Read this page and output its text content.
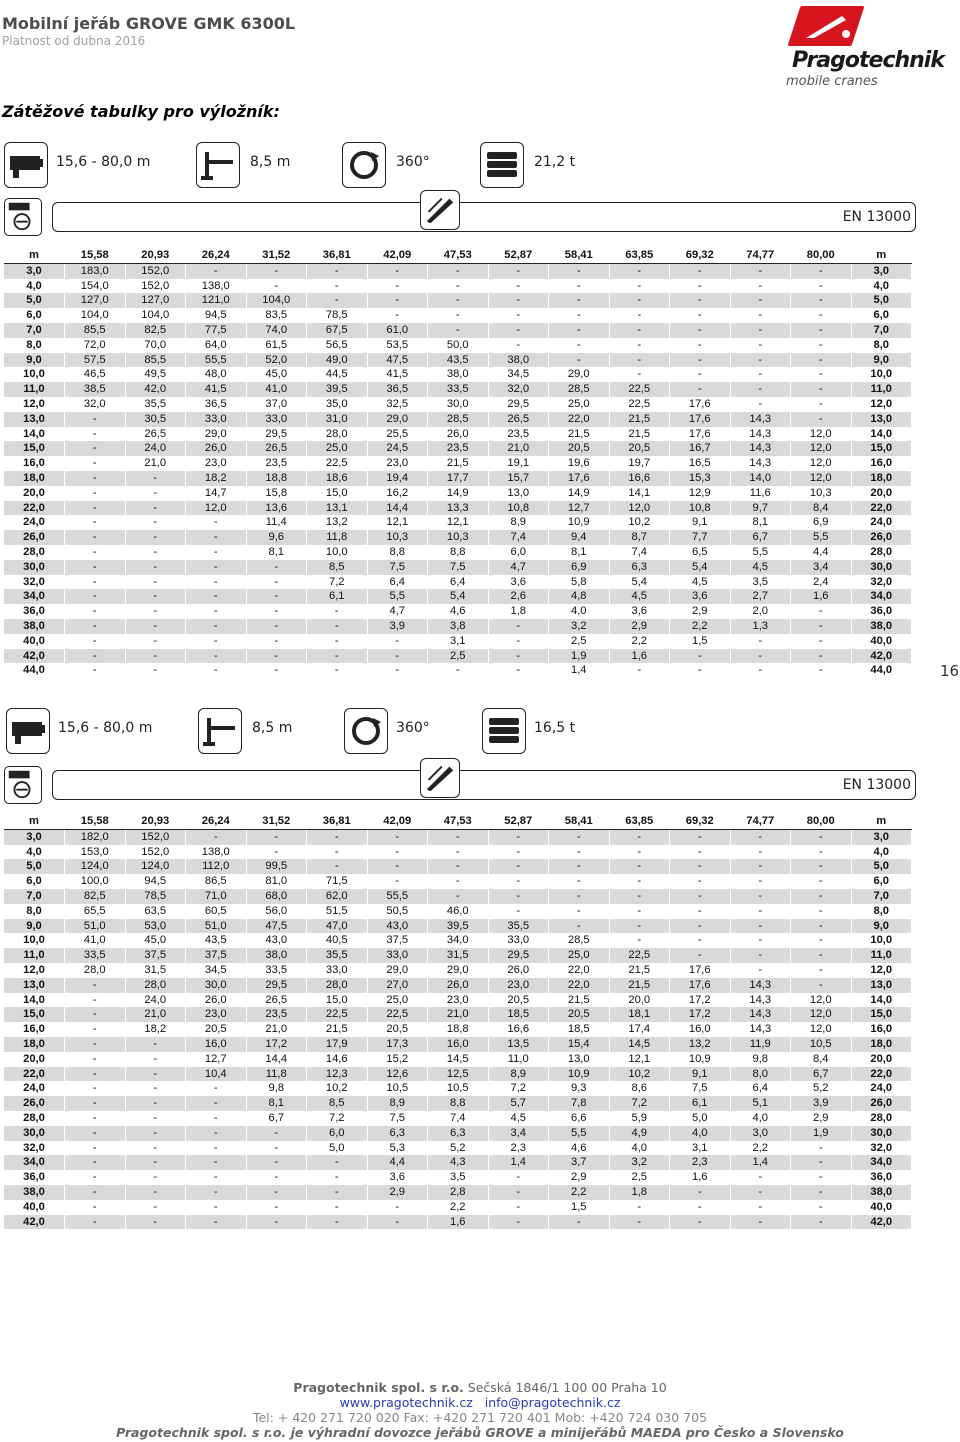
Mobilní jeřáb GROVE GMK 6300L
Platnost od dubna 2016
Pragotechnik
mobile cranes
Zátěžové tabulky pro výložník:
15,6 - 80,0 m	8,5 m	360°	21,2 t
EN 13000
m	15,58	20,93	26,24	31,52	36,81	42,09	47,53	52,87	58,41	63,85	69,32	74,77	80,00	m
3,0	183,0	152,0	-	-	-	-	-	-	-	-	-	-	-	3,0
4,0	154,0	152,0	138,0	-	-	-	-	-	-	-	-	-	-	4,0
5,0	127,0	127,0	121,0	104,0	-	-	-	-	-	-	-	-	-	5,0
6,0	104,0	104,0	94,5	83,5	78,5	-	-	-	-	-	-	-	-	6,0
7,0	85,5	82,5	77,5	74,0	67,5	61,0	-	-	-	-	-	-	-	7,0
8,0	72,0	70,0	64,0	61,5	56,5	53,5	50,0	-	-	-	-	-	-	8,0
9,0	57,5	85,5	55,5	52,0	49,0	47,5	43,5	38,0	-	-	-	-	-	9,0
10,0	46,5	49,5	48,0	45,0	44,5	41,5	38,0	34,5	29,0	-	-	-	-	10,0
11,0	38,5	42,0	41,5	41,0	39,5	36,5	33,5	32,0	28,5	22,5	-	-	-	11,0
12,0	32,0	35,5	36,5	37,0	35,0	32,5	30,0	29,5	25,0	22,5	17,6	-	-	12,0
13,0	-	30,5	33,0	33,0	31,0	29,0	28,5	26,5	22,0	21,5	17,6	14,3	-	13,0
14,0	-	26,5	29,0	29,5	28,0	25,5	26,0	23,5	21,5	21,5	17,6	14,3	12,0	14,0
15,0	-	24,0	26,0	26,5	25,0	24,5	23,5	21,0	20,5	20,5	16,7	14,3	12,0	15,0
16,0	-	21,0	23,0	23,5	22,5	23,0	21,5	19,1	19,6	19,7	16,5	14,3	12,0	16,0
18,0	-	-	18,2	18,8	18,6	19,4	17,7	15,7	17,6	16,6	15,3	14,0	12,0	18,0
20,0	-	-	14,7	15,8	15,0	16,2	14,9	13,0	14,9	14,1	12,9	11,6	10,3	20,0
22,0	-	-	12,0	13,6	13,1	14,4	13,3	10,8	12,7	12,0	10,8	9,7	8,4	22,0
24,0	-	-	-	11,4	13,2	12,1	12,1	8,9	10,9	10,2	9,1	8,1	6,9	24,0
26,0	-	-	-	9,6	11,8	10,3	10,3	7,4	9,4	8,7	7,7	6,7	5,5	26,0
28,0	-	-	-	8,1	10,0	8,8	8,8	6,0	8,1	7,4	6,5	5,5	4,4	28,0
30,0	-	-	-	-	8,5	7,5	7,5	4,7	6,9	6,3	5,4	4,5	3,4	30,0
32,0	-	-	-	-	7,2	6,4	6,4	3,6	5,8	5,4	4,5	3,5	2,4	32,0
34,0	-	-	-	-	6,1	5,5	5,4	2,6	4,8	4,5	3,6	2,7	1,6	34,0
36,0	-	-	-	-	-	4,7	4,6	1,8	4,0	3,6	2,9	2,0	-	36,0
38,0	-	-	-	-	-	3,9	3,8	-	3,2	2,9	2,2	1,3	-	38,0
40,0	-	-	-	-	-	-	3,1	-	2,5	2,2	1,5	-	-	40,0
42,0	-	-	-	-	-	-	2,5	-	1,9	1,6	-	-	-	42,0
44,0	-	-	-	-	-	-	-	-	1,4	-	-	-	-	44,0	16
15,6 - 80,0 m	8,5 m	360°	16,5 t
EN 13000
m	15,58	20,93	26,24	31,52	36,81	42,09	47,53	52,87	58,41	63,85	69,32	74,77	80,00	m
3,0	182,0	152,0	-	-	-	-	-	-	-	-	-	-	-	3,0
4,0	153,0	152,0	138,0	-	-	-	-	-	-	-	-	-	-	4,0
5,0	124,0	124,0	112,0	99,5	-	-	-	-	-	-	-	-	-	5,0
6,0	100,0	94,5	86,5	81,0	71,5	-	-	-	-	-	-	-	-	6,0
7,0	82,5	78,5	71,0	68,0	62,0	55,5	-	-	-	-	-	-	-	7,0
8,0	65,5	63,5	60,5	56,0	51,5	50,5	46,0	-	-	-	-	-	-	8,0
9,0	51,0	53,0	51,0	47,5	47,0	43,0	39,5	35,5	-	-	-	-	-	9,0
10,0	41,0	45,0	43,5	43,0	40,5	37,5	34,0	33,0	28,5	-	-	-	-	10,0
11,0	33,5	37,5	37,5	38,0	35,5	33,0	31,5	29,5	25,0	22,5	-	-	-	11,0
12,0	28,0	31,5	34,5	33,5	33,0	29,0	29,0	26,0	22,0	21,5	17,6	-	-	12,0
13,0	-	28,0	30,0	29,5	28,0	27,0	26,0	23,0	22,0	21,5	17,6	14,3	-	13,0
14,0	-	24,0	26,0	26,5	15,0	25,0	23,0	20,5	21,5	20,0	17,2	14,3	12,0	14,0
15,0	-	21,0	23,0	23,5	22,5	22,5	21,0	18,5	20,5	18,1	17,2	14,3	12,0	15,0
16,0	-	18,2	20,5	21,0	21,5	20,5	18,8	16,6	18,5	17,4	16,0	14,3	12,0	16,0
18,0	-	-	16,0	17,2	17,9	17,3	16,0	13,5	15,4	14,5	13,2	11,9	10,5	18,0
20,0	-	-	12,7	14,4	14,6	15,2	14,5	11,0	13,0	12,1	10,9	9,8	8,4	20,0
22,0	-	-	10,4	11,8	12,3	12,6	12,5	8,9	10,9	10,2	9,1	8,0	6,7	22,0
24,0	-	-	-	9,8	10,2	10,5	10,5	7,2	9,3	8,6	7,5	6,4	5,2	24,0
26,0	-	-	-	8,1	8,5	8,9	8,8	5,7	7,8	7,2	6,1	5,1	3,9	26,0
28,0	-	-	-	6,7	7,2	7,5	7,4	4,5	6,6	5,9	5,0	4,0	2,9	28,0
30,0	-	-	-	-	6,0	6,3	6,3	3,4	5,5	4,9	4,0	3,0	1,9	30,0
32,0	-	-	-	-	5,0	5,3	5,2	2,3	4,6	4,0	3,1	2,2	-	32,0
34,0	-	-	-	-	-	4,4	4,3	1,4	3,7	3,2	2,3	1,4	-	34,0
36,0	-	-	-	-	-	3,6	3,5	-	2,9	2,5	1,6	-	-	36,0
38,0	-	-	-	-	-	2,9	2,8	-	2,2	1,8	-	-	-	38,0
40,0	-	-	-	-	-	-	2,2	-	1,5	-	-	-	-	40,0
42,0	-	-	-	-	-	-	1,6	-	-	-	-	-	-	42,0
Pragotechnik spol. s r.o. Sečská 1846/1 100 00 Praha 10
www.pragotechnik.cz info@pragotechnik.cz
Tel: + 420 271 720 020 Fax: +420 271 720 401 Mob: +420 724 030 705
Pragotechnik spol. s r.o. je výhradní dovozce jeřábů GROVE a minijeřábů MAEDA pro Česko a Slovensko
